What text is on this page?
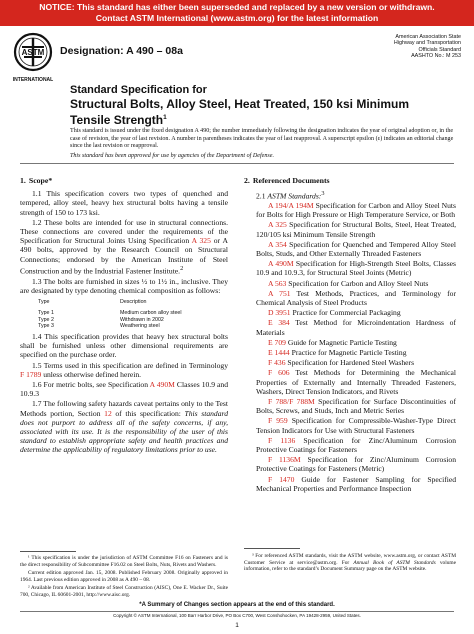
NOTICE: This standard has either been superseded and replaced by a new version or withdrawn.
Contact ASTM International (www.astm.org) for the latest information
ASTM
INTERNATIONAL
Designation: A 490 – 08a
American Association State
Highway and Transportation
Officials Standard
AASHTO No.: M 253
Standard Specification for
Structural Bolts, Alloy Steel, Heat Treated, 150 ksi Minimum
Tensile Strength$^1$
This standard is issued under the fixed designation A 490; the number immediately following the designation indicates the year of original adoption or, in the case of revision, the year of last revision. A number in parentheses indicates the year of last reapproval. A superscript epsilon (ε) indicates an editorial change since the last revision or reapproval.
This standard has been approved for use by agencies of the Department of Defense.
1. Scope*

1.1 This specification covers two types of quenched and tempered, alloy steel, heavy hex structural bolts having a tensile strength of 150 to 173 ksi.

1.2 These bolts are intended for use in structural connections. These connections are covered under the requirements of the Specification for Structural Joints Using Specification A 325 or A 490 bolts, approved by the Research Council on Structural Connections; endorsed by the American Institute of Steel Construction and by the Industrial Fastener Institute.$^2$

1.3 The bolts are furnished in sizes ½ to 1½ in., inclusive. They are designated by type denoting chemical composition as follows:

Type	Description
Type 1	Medium carbon alloy steel
Type 2	Withdrawn in 2002
Type 3	Weathering steel

1.4 This specification provides that heavy hex structural bolts shall be furnished unless other dimensional requirements are specified on the purchase order.

1.5 Terms used in this specification are defined in Terminology F 1789 unless otherwise defined herein.

1.6 For metric bolts, see Specification A 490M Classes 10.9 and 10.9.3

1.7 The following safety hazards caveat pertains only to the Test Methods portion, Section 12 of this specification: This standard does not purport to address all of the safety concerns, if any, associated with its use. It is the responsibility of the user of this standard to establish appropriate safety and health practices and determine the applicability of regulatory limitations prior to use.

2. Referenced Documents

2.1 ASTM Standards:$^3$

A 194/A 194M Specification for Carbon and Alloy Steel Nuts for Bolts for High Pressure or High Temperature Service, or Both

A 325 Specification for Structural Bolts, Steel, Heat Treated, 120/105 ksi Minimum Tensile Strength

A 354 Specification for Quenched and Tempered Alloy Steel Bolts, Studs, and Other Externally Threaded Fasteners

A 490M Specification for High-Strength Steel Bolts, Classes 10.9 and 10.9.3, for Structural Steel Joints (Metric)

A 563 Specification for Carbon and Alloy Steel Nuts

A 751 Test Methods, Practices, and Terminology for Chemical Analysis of Steel Products

D 3951 Practice for Commercial Packaging

E 384 Test Method for Microindentation Hardness of Materials

E 709 Guide for Magnetic Particle Testing

E 1444 Practice for Magnetic Particle Testing

F 436 Specification for Hardened Steel Washers

F 606 Test Methods for Determining the Mechanical Properties of Externally and Internally Threaded Fasteners, Washers, Direct Tension Indicators, and Rivets

F 788/F 788M Specification for Surface Discontinuities of Bolts, Screws, and Studs, Inch and Metric Series

F 959 Specification for Compressible-Washer-Type Direct Tension Indicators for Use with Structural Fasteners

F 1136 Specification for Zinc/Aluminum Corrosion Protective Coatings for Fasteners

F 1136M Specification for Zinc/Aluminum Corrosion Protective Coatings for Fasteners (Metric)

F 1470 Guide for Fastener Sampling for Specified Mechanical Properties and Performance Inspection

¹ This specification is under the jurisdiction of ASTM Committee F16 on Fasteners and is the direct responsibility of Subcommittee F16.02 on Steel Bolts, Nuts, Rivets and Washers.

Current edition approved Jan. 15, 2008. Published February 2008. Originally approved in 1964. Last previous edition approved in 2008 as A 490 – 08.

² Available from American Institute of Steel Construction (AISC), One E. Wacker Dr., Suite 700, Chicago, IL 60601-2001, http://www.aisc.org.

³ For referenced ASTM standards, visit the ASTM website, www.astm.org, or contact ASTM Customer Service at service@astm.org. For Annual Book of ASTM Standards volume information, refer to the standard’s Document Summary page on the ASTM website.

*A Summary of Changes section appears at the end of this standard.
Copyright © ASTM International, 100 Barr Harbor Drive, PO Box C700, West Conshohocken, PA 19428-2959, United States.
1
